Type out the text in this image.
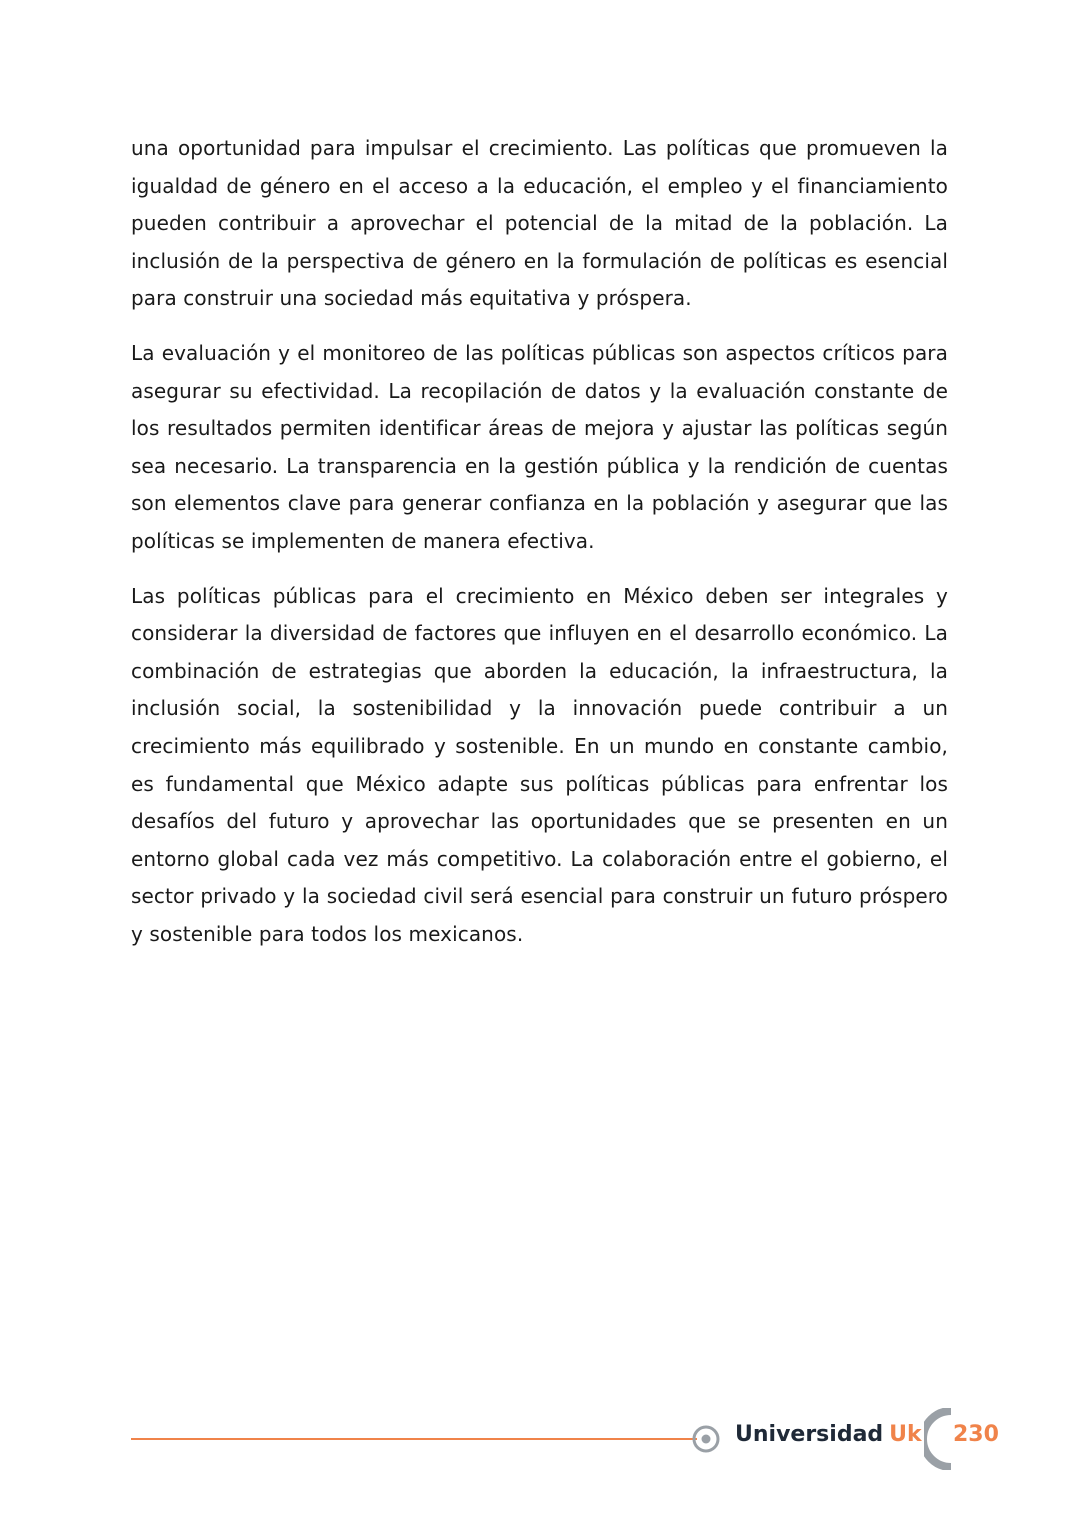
una oportunidad para impulsar el crecimiento. Las políticas que promueven la igualdad de género en el acceso a la educación, el empleo y el financiamiento pueden contribuir a aprovechar el potencial de la mitad de la población. La inclusión de la perspectiva de género en la formulación de políticas es esencial para construir una sociedad más equitativa y próspera.

La evaluación y el monitoreo de las políticas públicas son aspectos críticos para asegurar su efectividad. La recopilación de datos y la evaluación constante de los resultados permiten identificar áreas de mejora y ajustar las políticas según sea necesario. La transparencia en la gestión pública y la rendición de cuentas son elementos clave para generar confianza en la población y asegurar que las políticas se implementen de manera efectiva.

Las políticas públicas para el crecimiento en México deben ser integrales y considerar la diversidad de factores que influyen en el desarrollo económico. La combinación de estrategias que aborden la educación, la infraestructura, la inclusión social, la sostenibilidad y la innovación puede contribuir a un crecimiento más equilibrado y sostenible. En un mundo en constante cambio, es fundamental que México adapte sus políticas públicas para enfrentar los desafíos del futuro y aprovechar las oportunidades que se presenten en un entorno global cada vez más competitivo. La colaboración entre el gobierno, el sector privado y la sociedad civil será esencial para construir un futuro próspero y sostenible para todos los mexicanos.

Universidad Uk 230
